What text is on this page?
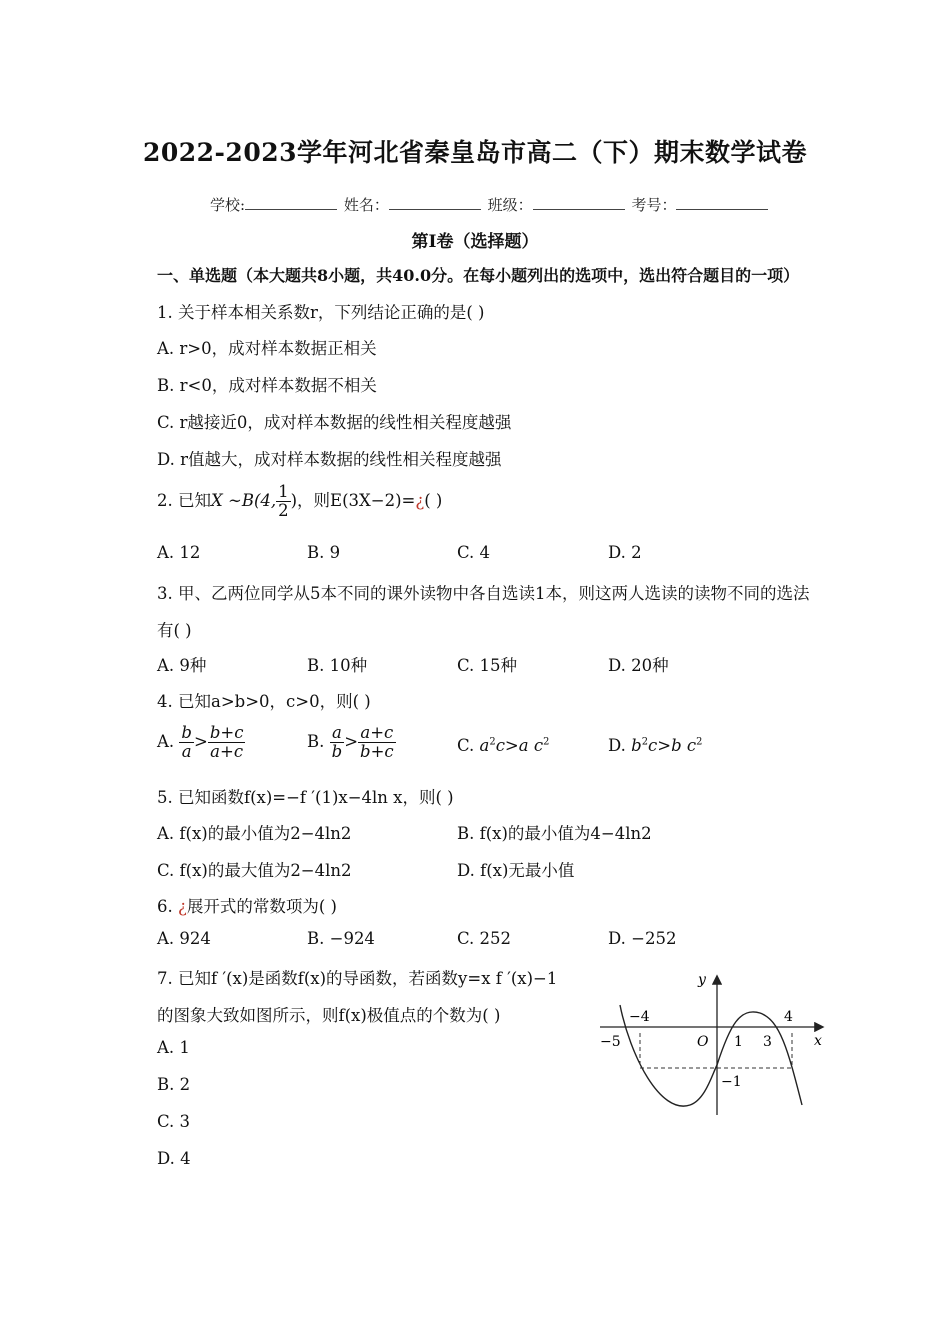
2022-2023学年河北省秦皇岛市高二（下）期末数学试卷
学校:	姓名：	班级：	考号：
第I卷（选择题）
一、单选题（本大题共8小题，共40.0分。在每小题列出的选项中，选出符合题目的一项）
1. 关于样本相关系数r，下列结论正确的是( )
A. r>0，成对样本数据正相关
B. r<0，成对样本数据不相关
C. r越接近0，成对样本数据的线性相关程度越强
D. r值越大，成对样本数据的线性相关程度越强
2. 已知X ∼B(4, $\frac{1}{2}$ )，则E(3X−2)=¿( )
A. 12	B. 9	C. 4	D. 2
3. 甲、乙两位同学从5本不同的课外读物中各自选读1本，则这两人选读的读物不同的选法
有( )
A. 9种	B. 10种	C. 15种	D. 20种
4. 已知a>b>0，c>0，则( )
A. $\frac{b}{a} > \frac{b+c}{a+c}$	B. $\frac{a}{b} > \frac{a+c}{b+c}$	C. $a^2c>a$ $c^2$	D. $b^2c>b$ $c^2$
5. 已知函数f(x)=−f ′(1)x−4ln x，则( )
A. f(x)的最小值为2−4ln2	B. f(x)的最小值为4−4ln2
C. f(x)的最大值为2−4ln2	D. f(x)无最小值
6. ¿展开式的常数项为( )
A. 924	B. −924	C. 252	D. −252
7. 已知f ′(x)是函数f(x)的导函数，若函数y=x f ′(x)−1
的图象大致如图所示，则f(x)极值点的个数为( )
A. 1
B. 2
C. 3
D. 4
y
x
O
−5
−4
1 3
4
−1
